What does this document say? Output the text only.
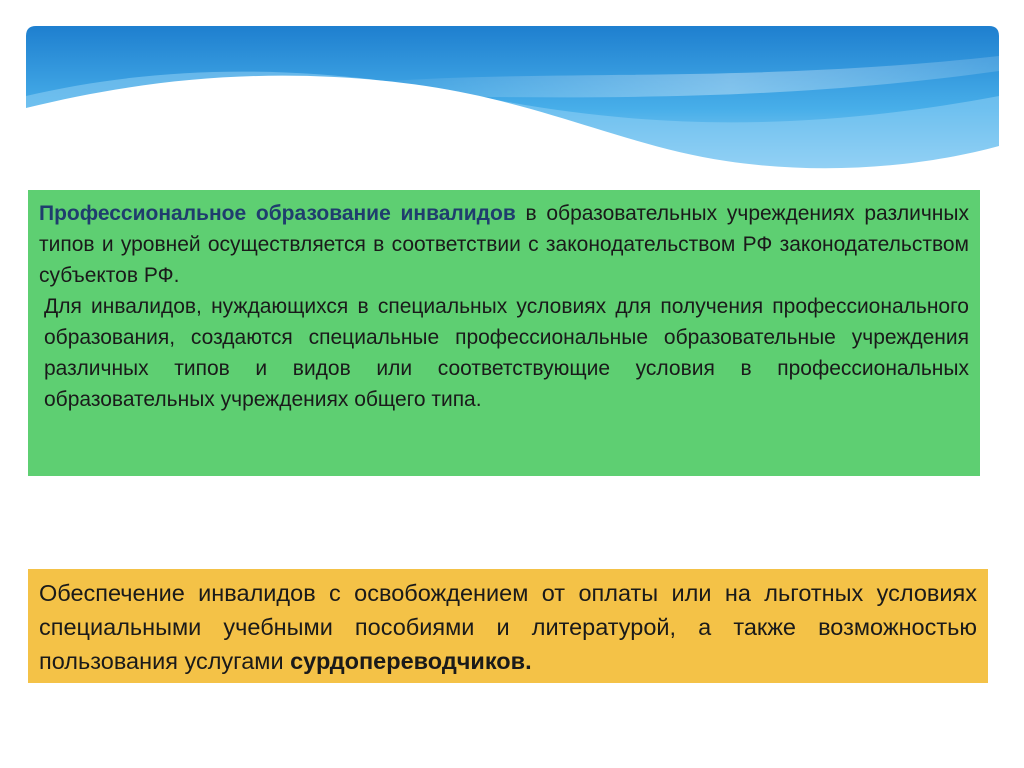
Профессиональное образование инвалидов в образовательных учреждениях различных типов и уровней осуществляется в соответствии с законодательством РФ законодательством субъектов РФ.

Для инвалидов, нуждающихся в специальных условиях для получения профессионального образования, создаются специальные профессиональные образовательные учреждения различных типов и видов или соответствующие условия в профессиональных образовательных учреждениях общего типа.

Обеспечение инвалидов с освобождением от оплаты или на льготных условиях специальными учебными пособиями и литературой, а также возможностью пользования услугами сурдопереводчиков.
